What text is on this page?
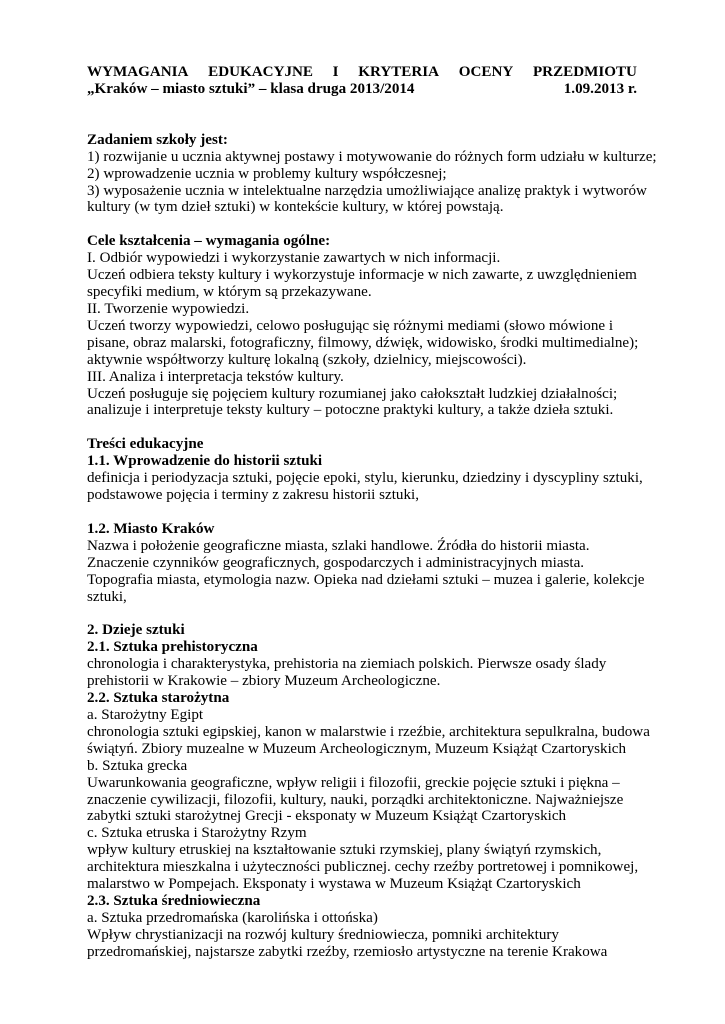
WYMAGANIA EDUKACYJNE I KRYTERIA OCENY PRZEDMIOTU
„Kraków – miasto sztuki” – klasa druga 2013/2014	1.09.2013 r.

Zadaniem szkoły jest:

1) rozwijanie u ucznia aktywnej postawy i motywowanie do różnych form udziału w kulturze;

2) wprowadzenie ucznia w problemy kultury współczesnej;

3) wyposażenie ucznia w intelektualne narzędzia umożliwiające analizę praktyk i wytworów

kultury (w tym dzieł sztuki) w kontekście kultury, w której powstają.

Cele kształcenia – wymagania ogólne:

I. Odbiór wypowiedzi i wykorzystanie zawartych w nich informacji.

Uczeń odbiera teksty kultury i wykorzystuje informacje w nich zawarte, z uwzględnieniem

specyfiki medium, w którym są przekazywane.

II. Tworzenie wypowiedzi.

Uczeń tworzy wypowiedzi, celowo posługując się różnymi mediami (słowo mówione i

pisane, obraz malarski, fotograficzny, filmowy, dźwięk, widowisko, środki multimedialne);

aktywnie współtworzy kulturę lokalną (szkoły, dzielnicy, miejscowości).

III. Analiza i interpretacja tekstów kultury.

Uczeń posługuje się pojęciem kultury rozumianej jako całokształt ludzkiej działalności;

analizuje i interpretuje teksty kultury – potoczne praktyki kultury, a także dzieła sztuki.

Treści edukacyjne

1.1. Wprowadzenie do historii sztuki

definicja i periodyzacja sztuki, pojęcie epoki, stylu, kierunku, dziedziny i dyscypliny sztuki,

podstawowe pojęcia i terminy z zakresu historii sztuki,

1.2. Miasto Kraków

Nazwa i położenie geograficzne miasta, szlaki handlowe. Źródła do historii miasta.

Znaczenie czynników geograficznych, gospodarczych i administracyjnych miasta.

Topografia miasta, etymologia nazw. Opieka nad dziełami sztuki – muzea i galerie, kolekcje

sztuki,

2. Dzieje sztuki

2.1. Sztuka prehistoryczna

chronologia i charakterystyka, prehistoria na ziemiach polskich. Pierwsze osady ślady

prehistorii w Krakowie – zbiory Muzeum Archeologiczne.

2.2. Sztuka starożytna

a. Starożytny Egipt

chronologia sztuki egipskiej, kanon w malarstwie i rzeźbie, architektura sepulkralna, budowa

świątyń. Zbiory muzealne w Muzeum Archeologicznym, Muzeum Książąt Czartoryskich

b. Sztuka grecka

Uwarunkowania geograficzne, wpływ religii i filozofii, greckie pojęcie sztuki i piękna –

znaczenie cywilizacji, filozofii, kultury, nauki, porządki architektoniczne. Najważniejsze

zabytki sztuki starożytnej Grecji - eksponaty w Muzeum Książąt Czartoryskich

c. Sztuka etruska i Starożytny Rzym

wpływ kultury etruskiej na kształtowanie sztuki rzymskiej, plany świątyń rzymskich,

architektura mieszkalna i użyteczności publicznej. cechy rzeźby portretowej i pomnikowej,

malarstwo w Pompejach. Eksponaty i wystawa w Muzeum Książąt Czartoryskich

2.3. Sztuka średniowieczna

a. Sztuka przedromańska (karolińska i ottońska)

Wpływ chrystianizacji na rozwój kultury średniowiecza, pomniki architektury

przedromańskiej, najstarsze zabytki rzeźby, rzemiosło artystyczne na terenie Krakowa
